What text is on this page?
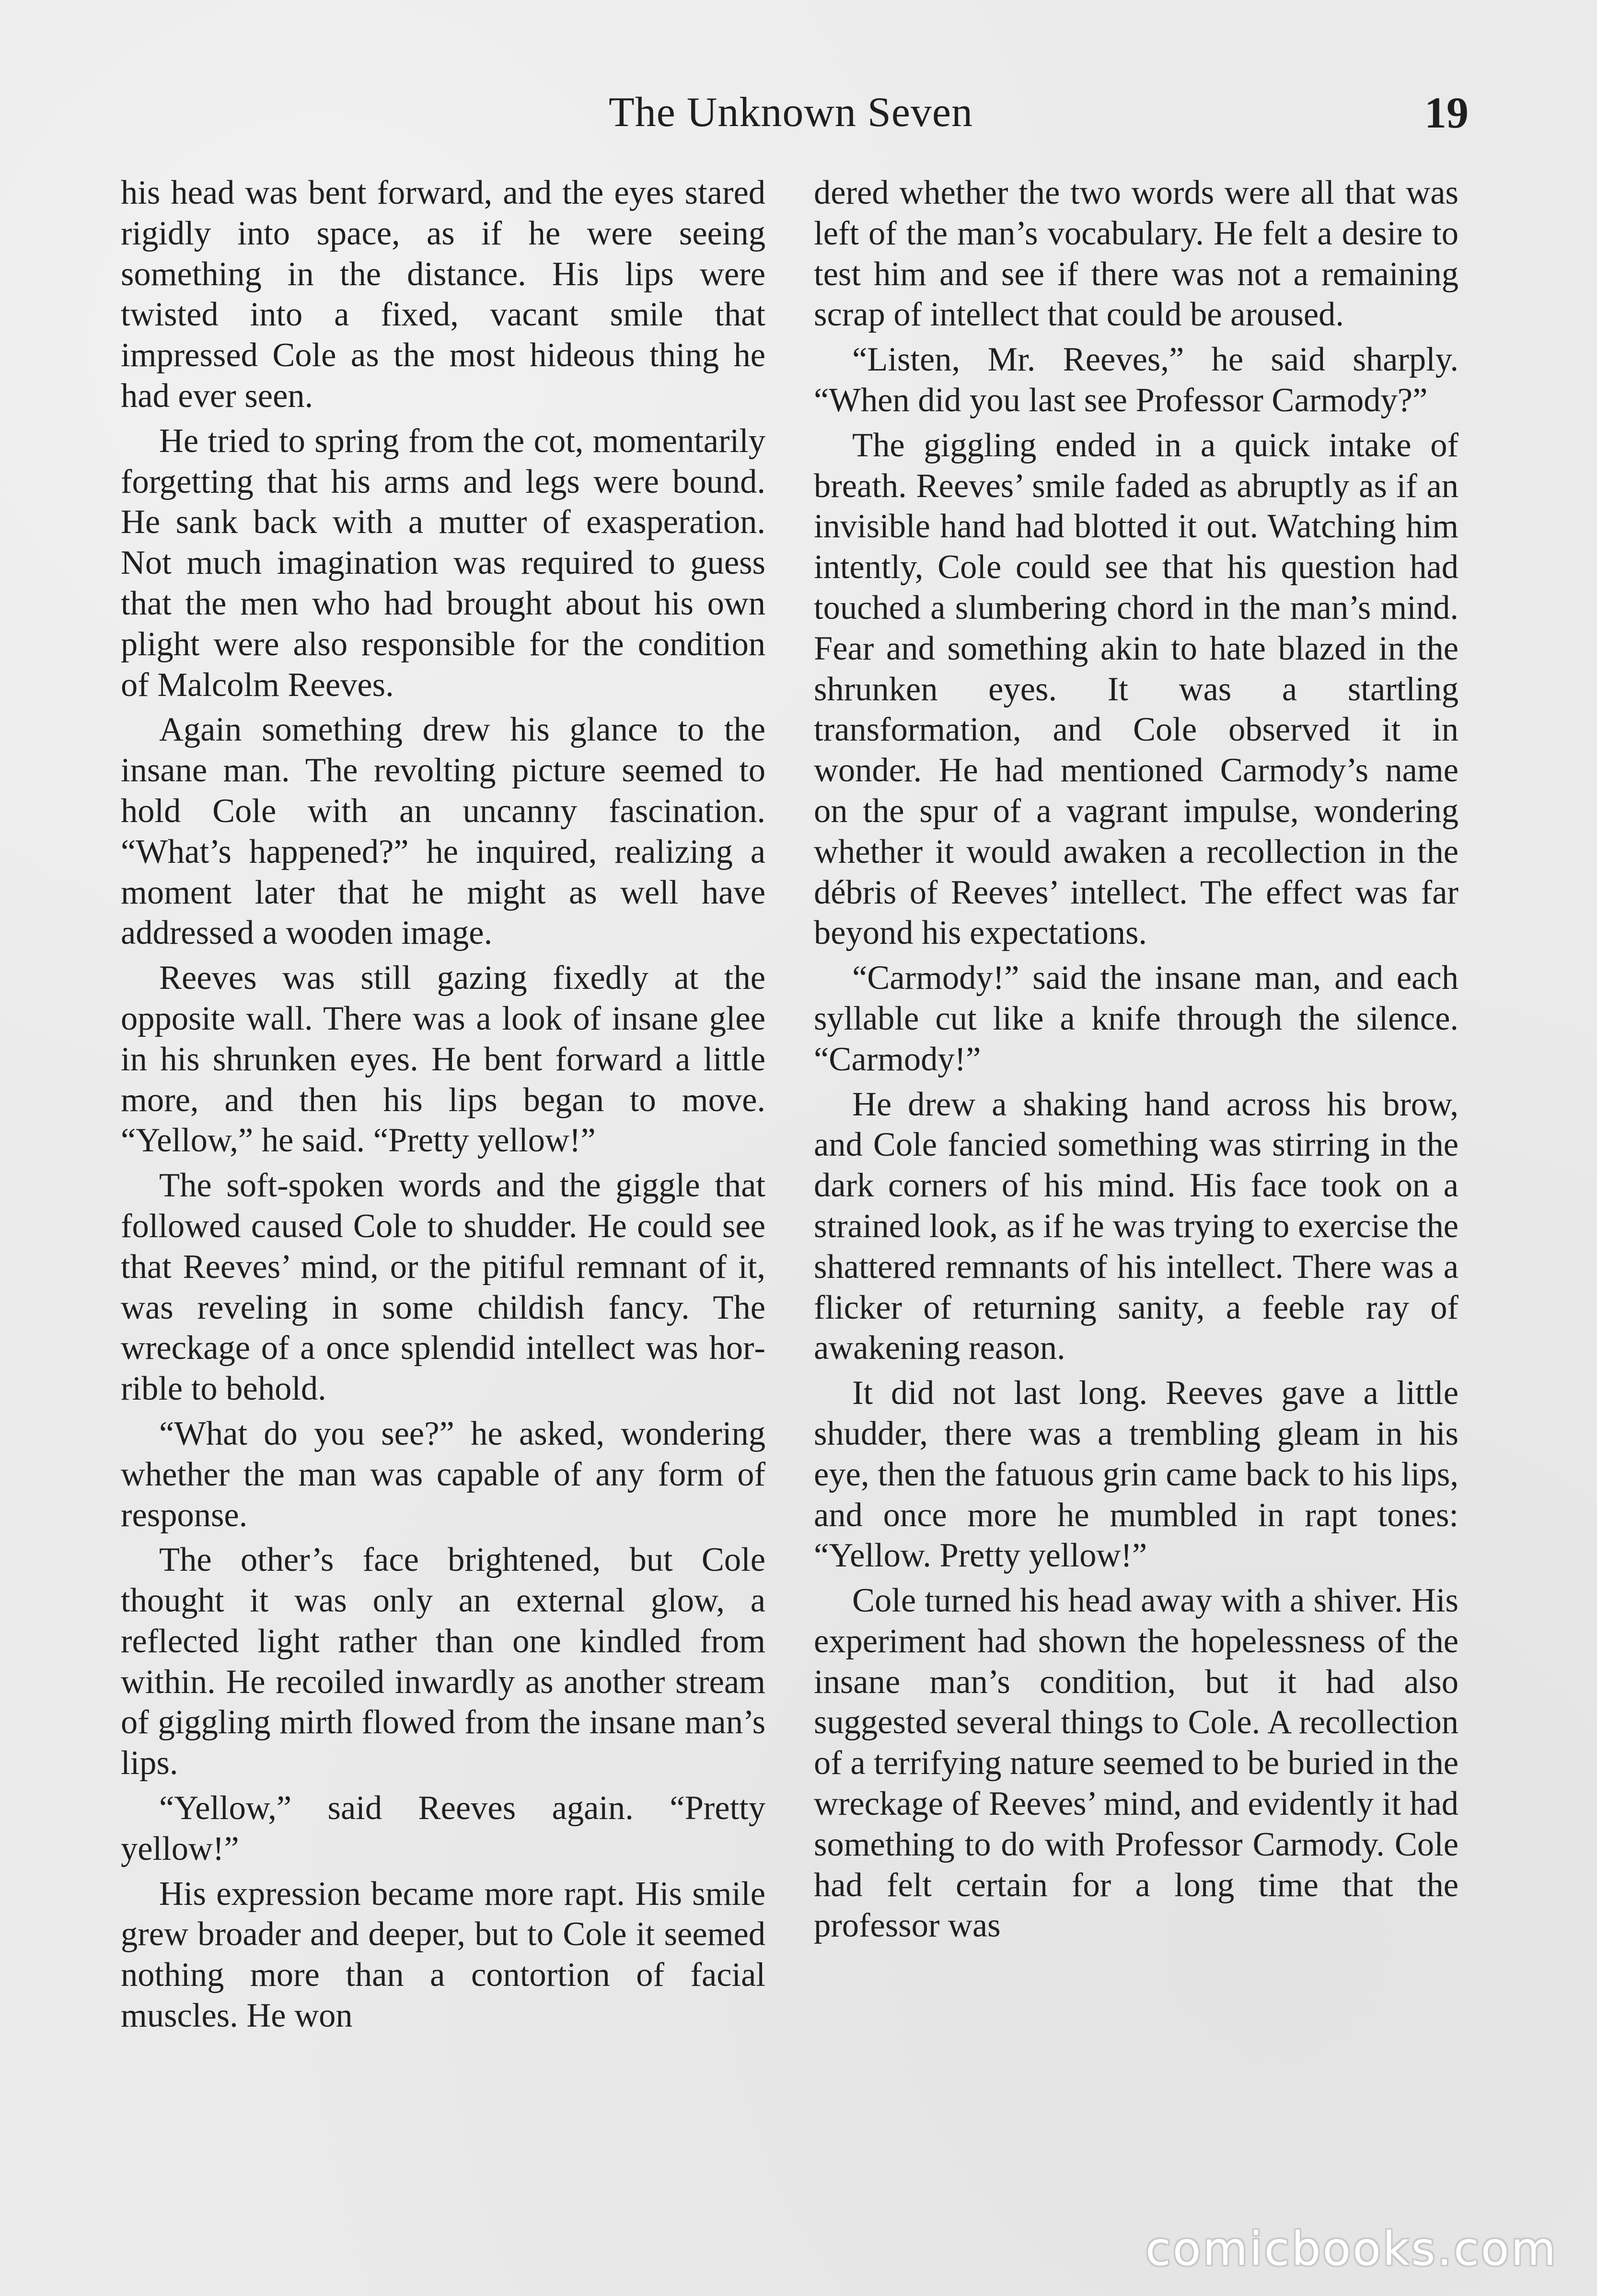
The Unknown Seven	19

his head was bent forward, and the eyes stared rigidly into space, as if he were seeing something in the distance. His lips were twisted into a fixed, vacant smile that impressed Cole as the most hideous thing he had ever seen.

He tried to spring from the cot, momentarily forgetting that his arms and legs were bound. He sank back with a mutter of exasperation. Not much imagination was required to guess that the men who had brought about his own plight were also responsible for the condition of Malcolm Reeves.

Again something drew his glance to the insane man. The revolting picture seemed to hold Cole with an uncanny fascination. “What’s happened?” he inquired, realizing a moment later that he might as well have addressed a wooden image.

Reeves was still gazing fixedly at the opposite wall. There was a look of insane glee in his shrunken eyes. He bent forward a little more, and then his lips began to move. “Yellow,” he said. “Pretty yellow!”

The soft-spoken words and the giggle that followed caused Cole to shudder. He could see that Reeves’ mind, or the pitiful remnant of it, was reveling in some childish fancy. The wreckage of a once splendid intellect was horrible to behold.

“What do you see?” he asked, wondering whether the man was capable of any form of response.

The other’s face brightened, but Cole thought it was only an external glow, a reflected light rather than one kindled from within. He recoiled inwardly as another stream of giggling mirth flowed from the insane man’s lips.

“Yellow,” said Reeves again. “Pretty yellow!”

His expression became more rapt. His smile grew broader and deeper, but to Cole it seemed nothing more than a contortion of facial muscles. He won

dered whether the two words were all that was left of the man’s vocabulary. He felt a desire to test him and see if there was not a remaining scrap of intellect that could be aroused.

“Listen, Mr. Reeves,” he said sharply. “When did you last see Professor Carmody?”

The giggling ended in a quick intake of breath. Reeves’ smile faded as abruptly as if an invisible hand had blotted it out. Watching him intently, Cole could see that his question had touched a slumbering chord in the man’s mind. Fear and something akin to hate blazed in the shrunken eyes. It was a startling transformation, and Cole observed it in wonder. He had mentioned Carmody’s name on the spur of a vagrant impulse, wondering whether it would awaken a recollection in the débris of Reeves’ intellect. The effect was far beyond his expectations.

“Carmody!” said the insane man, and each syllable cut like a knife through the silence. “Carmody!”

He drew a shaking hand across his brow, and Cole fancied something was stirring in the dark corners of his mind. His face took on a strained look, as if he was trying to exercise the shattered remnants of his intellect. There was a flicker of returning sanity, a feeble ray of awakening reason.

It did not last long. Reeves gave a little shudder, there was a trembling gleam in his eye, then the fatuous grin came back to his lips, and once more he mumbled in rapt tones: “Yellow. Pretty yellow!”

Cole turned his head away with a shiver. His experiment had shown the hopelessness of the insane man’s condition, but it had also suggested several things to Cole. A recollection of a terrifying nature seemed to be buried in the wreckage of Reeves’ mind, and evidently it had something to do with Professor Carmody. Cole had felt certain for a long time that the professor was

comicbooks.com
